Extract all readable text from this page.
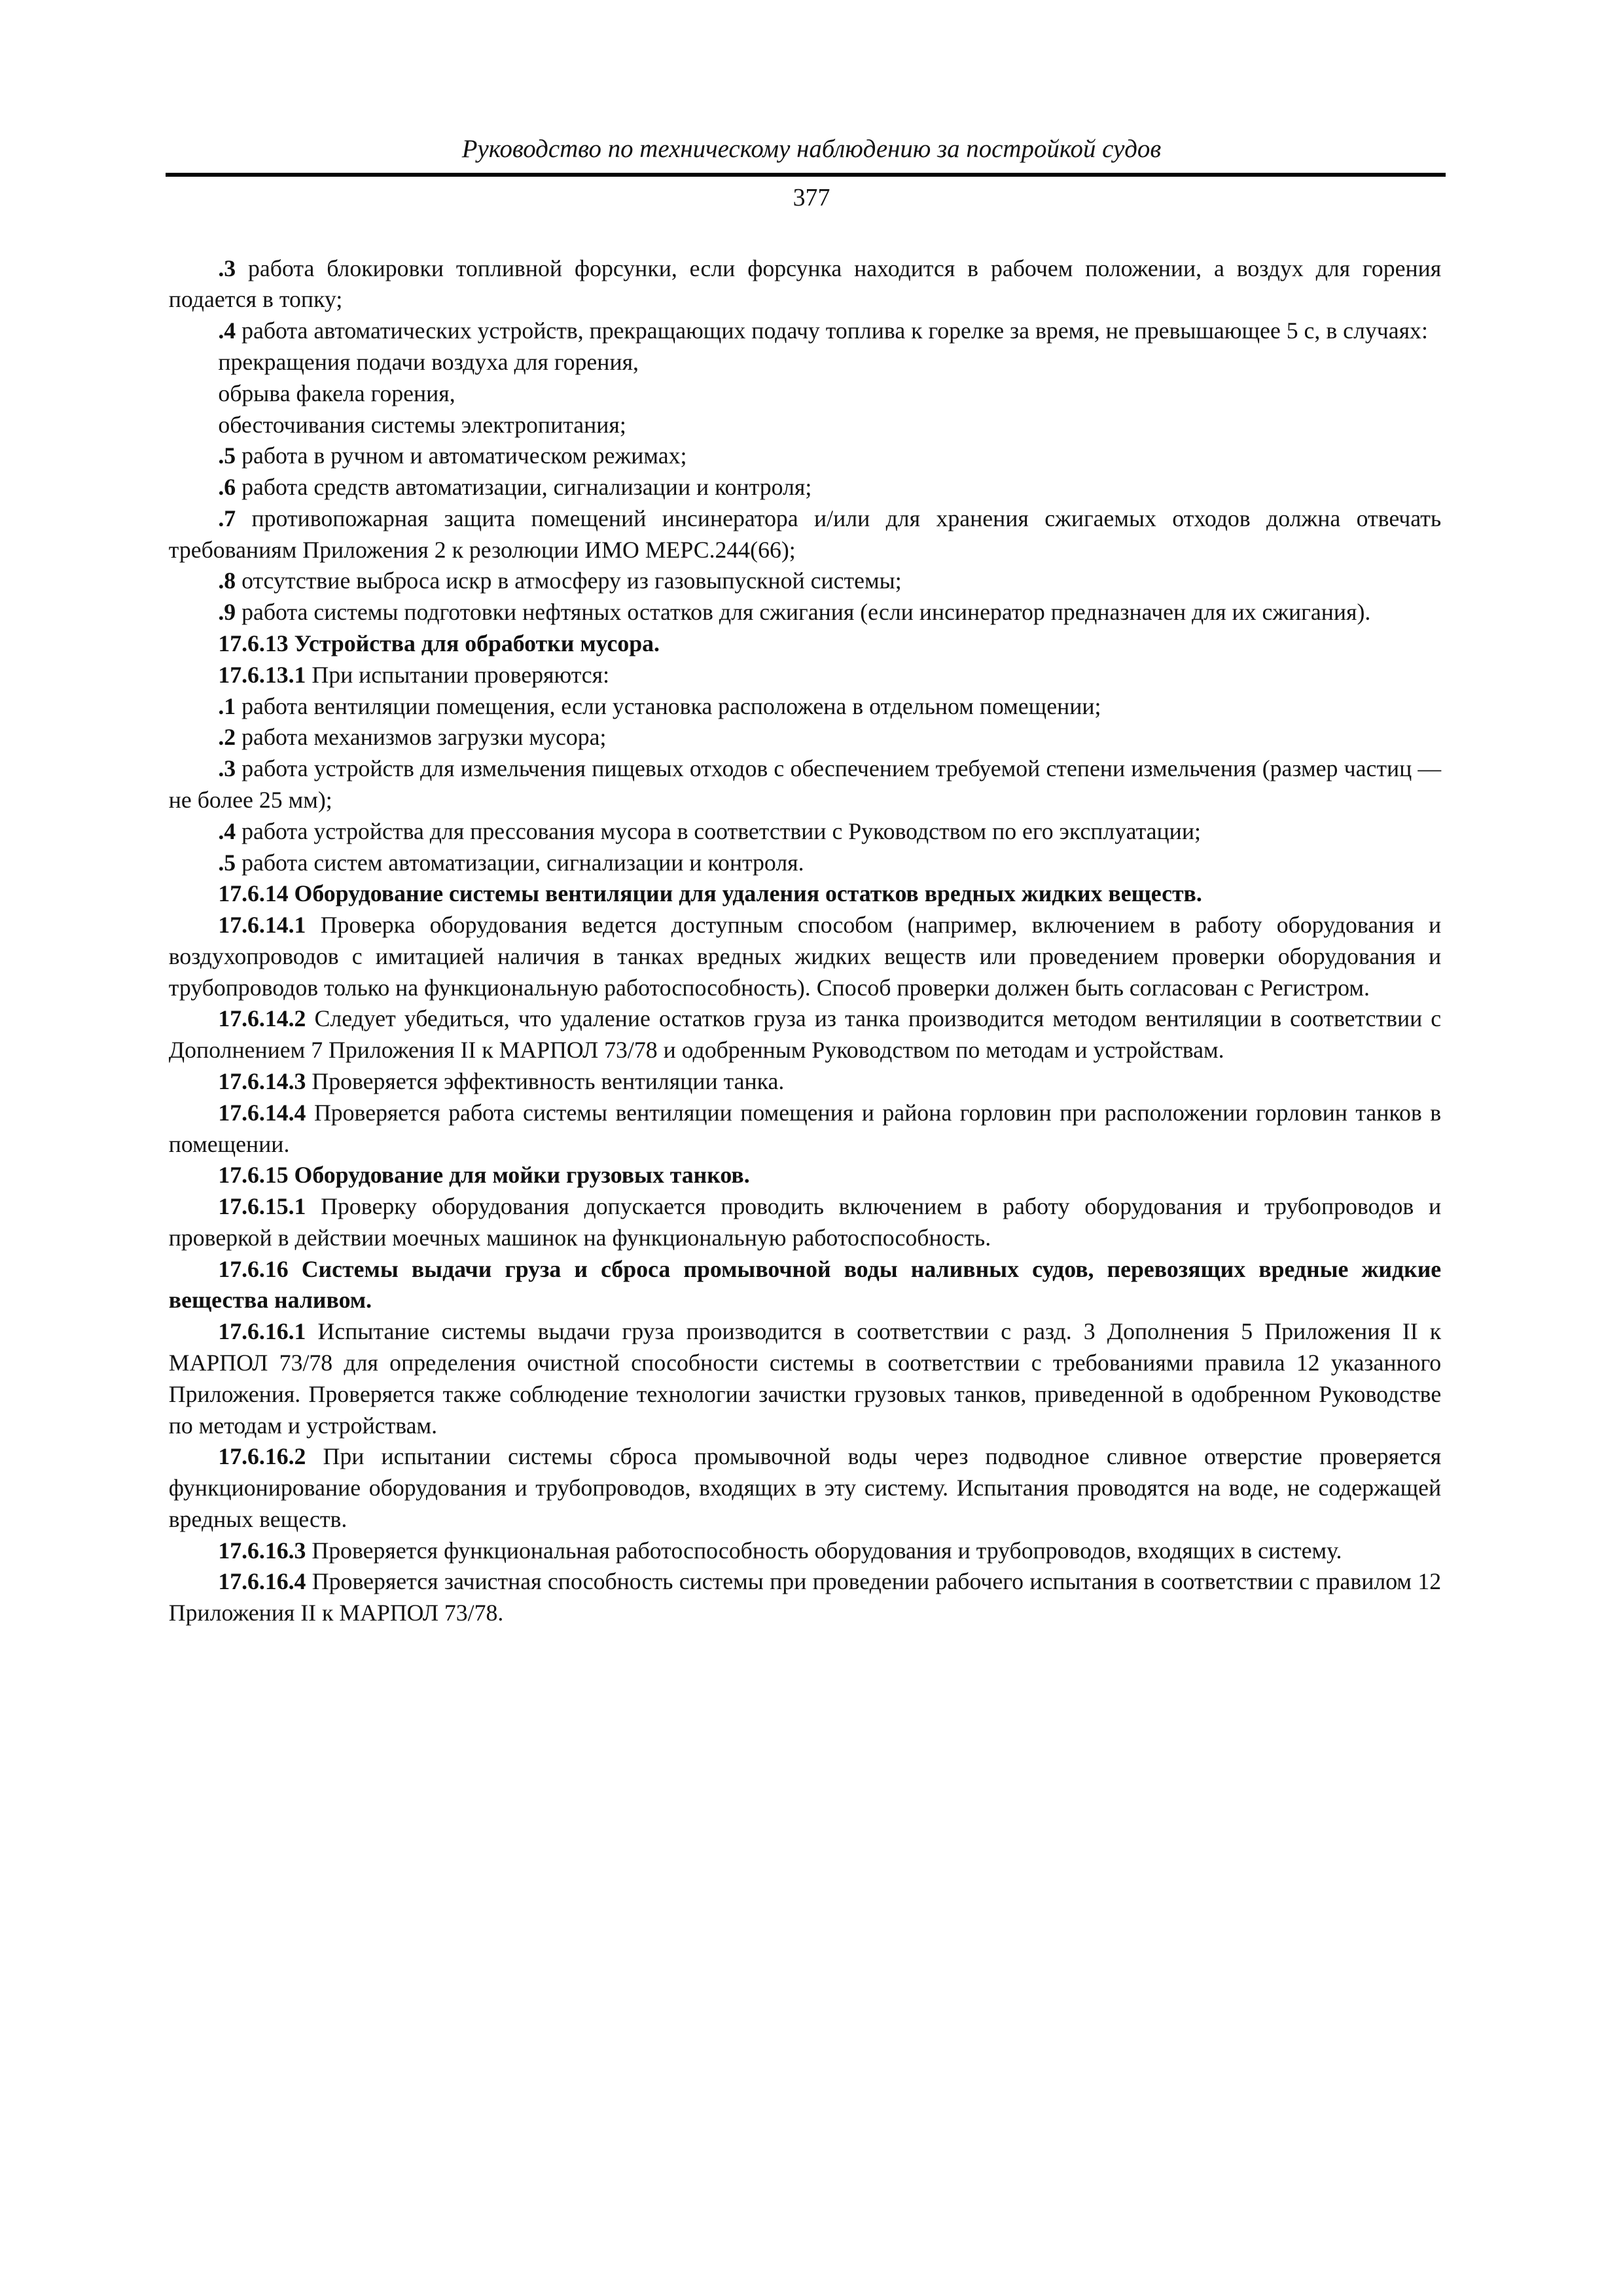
Руководство по техническому наблюдению за постройкой судов
377

.3 работа блокировки топливной форсунки, если форсунка находится в рабочем положении, а воздух для горения подается в топку;

.4 работа автоматических устройств, прекращающих подачу топлива к горелке за время, не превышающее 5 с, в случаях:

прекращения подачи воздуха для горения,

обрыва факела горения,

обесточивания системы электропитания;

.5 работа в ручном и автоматическом режимах;

.6 работа средств автоматизации, сигнализации и контроля;

.7 противопожарная защита помещений инсинератора и/или для хранения сжигаемых отходов должна отвечать требованиям Приложения 2 к резолюции ИМО МЕРС.244(66);

.8 отсутствие выброса искр в атмосферу из газовыпускной системы;

.9 работа системы подготовки нефтяных остатков для сжигания (если инсинератор предназначен для их сжигания).

17.6.13 Устройства для обработки мусора.

17.6.13.1 При испытании проверяются:

.1 работа вентиляции помещения, если установка расположена в отдельном помещении;

.2 работа механизмов загрузки мусора;

.3 работа устройств для измельчения пищевых отходов с обеспечением требуемой степени измельчения (размер частиц — не более 25 мм);

.4 работа устройства для прессования мусора в соответствии с Руководством по его эксплуатации;

.5 работа систем автоматизации, сигнализации и контроля.

17.6.14 Оборудование системы вентиляции для удаления остатков вредных жидких веществ.

17.6.14.1 Проверка оборудования ведется доступным способом (например, включением в работу оборудования и воздухопроводов с имитацией наличия в танках вредных жидких веществ или проведением проверки оборудования и трубопроводов только на функциональную работоспособность). Способ проверки должен быть согласован с Регистром.

17.6.14.2 Следует убедиться, что удаление остатков груза из танка производится методом вентиляции в соответствии с Дополнением 7 Приложения II к МАРПОЛ 73/78 и одобренным Руководством по методам и устройствам.

17.6.14.3 Проверяется эффективность вентиляции танка.

17.6.14.4 Проверяется работа системы вентиляции помещения и района горловин при расположении горловин танков в помещении.

17.6.15 Оборудование для мойки грузовых танков.

17.6.15.1 Проверку оборудования допускается проводить включением в работу оборудования и трубопроводов и проверкой в действии моечных машинок на функциональную работоспособность.

17.6.16 Системы выдачи груза и сброса промывочной воды наливных судов, перевозящих вредные жидкие вещества наливом.

17.6.16.1 Испытание системы выдачи груза производится в соответствии с разд. 3 Дополнения 5 Приложения II к МАРПОЛ 73/78 для определения очистной способности системы в соответствии с требованиями правила 12 указанного Приложения. Проверяется также соблюдение технологии зачистки грузовых танков, приведенной в одобренном Руководстве по методам и устройствам.

17.6.16.2 При испытании системы сброса промывочной воды через подводное сливное отверстие проверяется функционирование оборудования и трубопроводов, входящих в эту систему. Испытания проводятся на воде, не содержащей вредных веществ.

17.6.16.3 Проверяется функциональная работоспособность оборудования и трубопроводов, входящих в систему.

17.6.16.4 Проверяется зачистная способность системы при проведении рабочего испытания в соответствии с правилом 12 Приложения II к МАРПОЛ 73/78.
